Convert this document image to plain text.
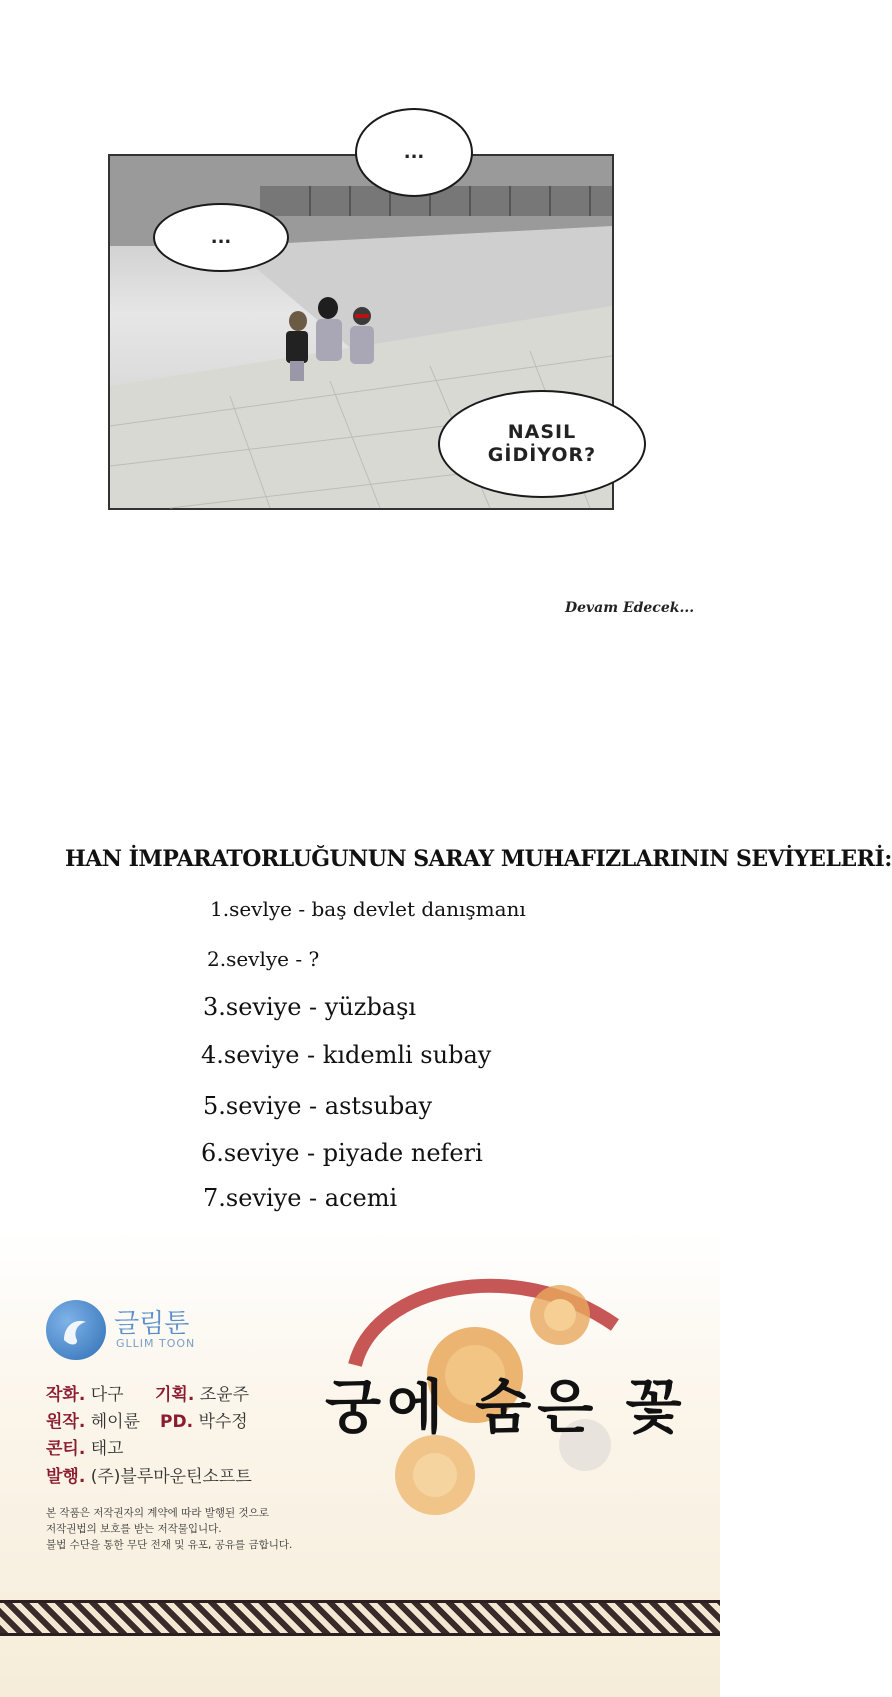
...
...
NASIL GİDİYOR?
Devam Edecek...
HAN İMPARATORLUĞUNUN SARAY MUHAFIZLARININ SEVİYELERİ:
1.sevlye - baş devlet danışmanı
2.sevlye - ?
3.seviye - yüzbaşı
4.seviye - kıdemli subay
5.seviye - astsubay
6.seviye - piyade neferi
7.seviye - acemi
글림툰
GLLIM TOON
작화. 다구 기획. 조윤주
원작. 헤이륜 PD. 박수정
콘티. 태고
발행. (주)블루마운틴소프트
본 작품은 저작권자의 계약에 따라 발행된 것으로
저작권법의 보호를 받는 저작물입니다.
불법 수단을 통한 무단 전재 및 유포, 공유를 금합니다.
궁에 숨은 꽃
